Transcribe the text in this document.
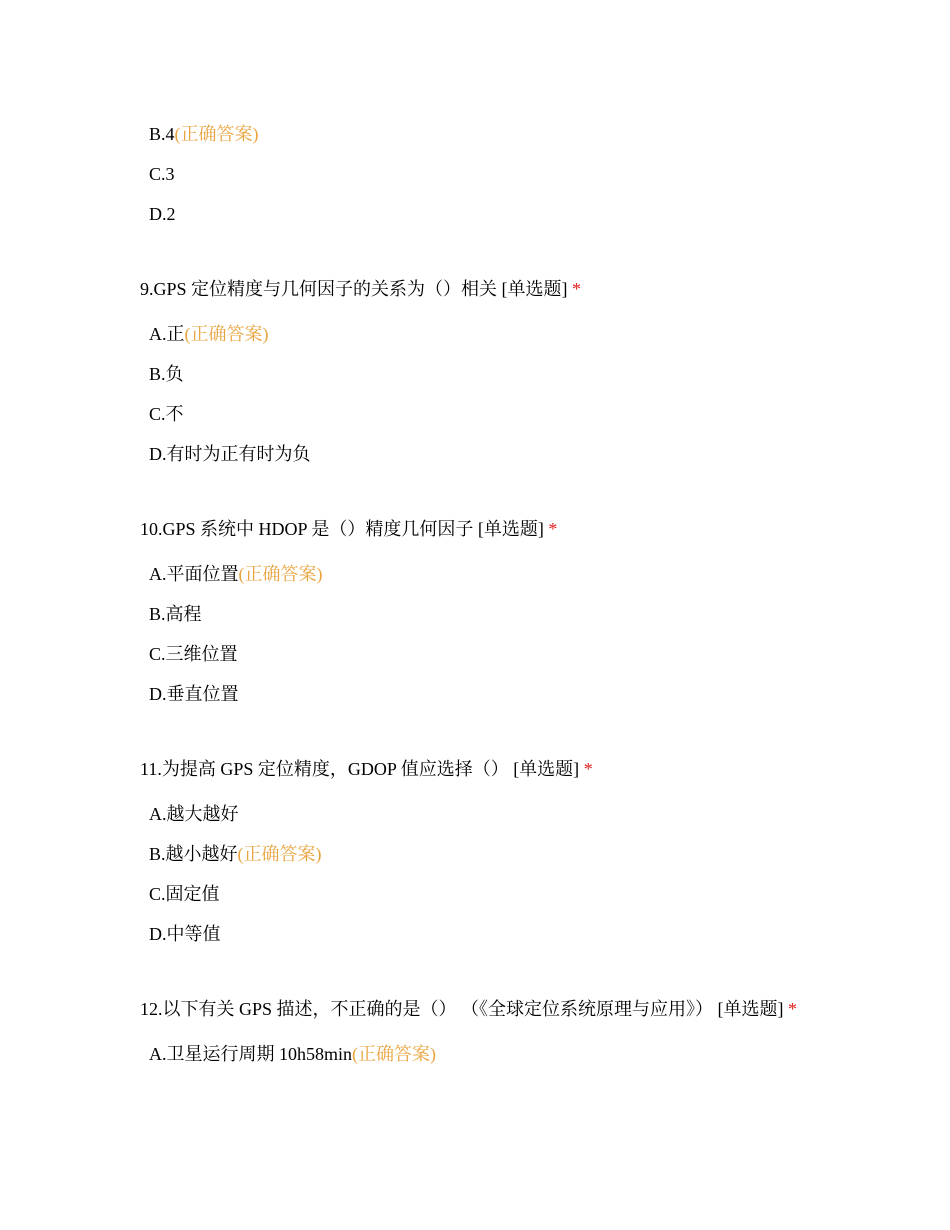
B.4(正确答案)
C.3
D.2
9.GPS 定位精度与几何因子的关系为（）相关 [单选题] *
A.正(正确答案)
B.负
C.不
D.有时为正有时为负
10.GPS 系统中 HDOP 是（）精度几何因子 [单选题] *
A.平面位置(正确答案)
B.高程
C.三维位置
D.垂直位置
11.为提高 GPS 定位精度，GDOP 值应选择（） [单选题] *
A.越大越好
B.越小越好(正确答案)
C.固定值
D.中等值
12.以下有关 GPS 描述，不正确的是（） （《全球定位系统原理与应用》） [单选题] *
A.卫星运行周期 10h58min(正确答案)
